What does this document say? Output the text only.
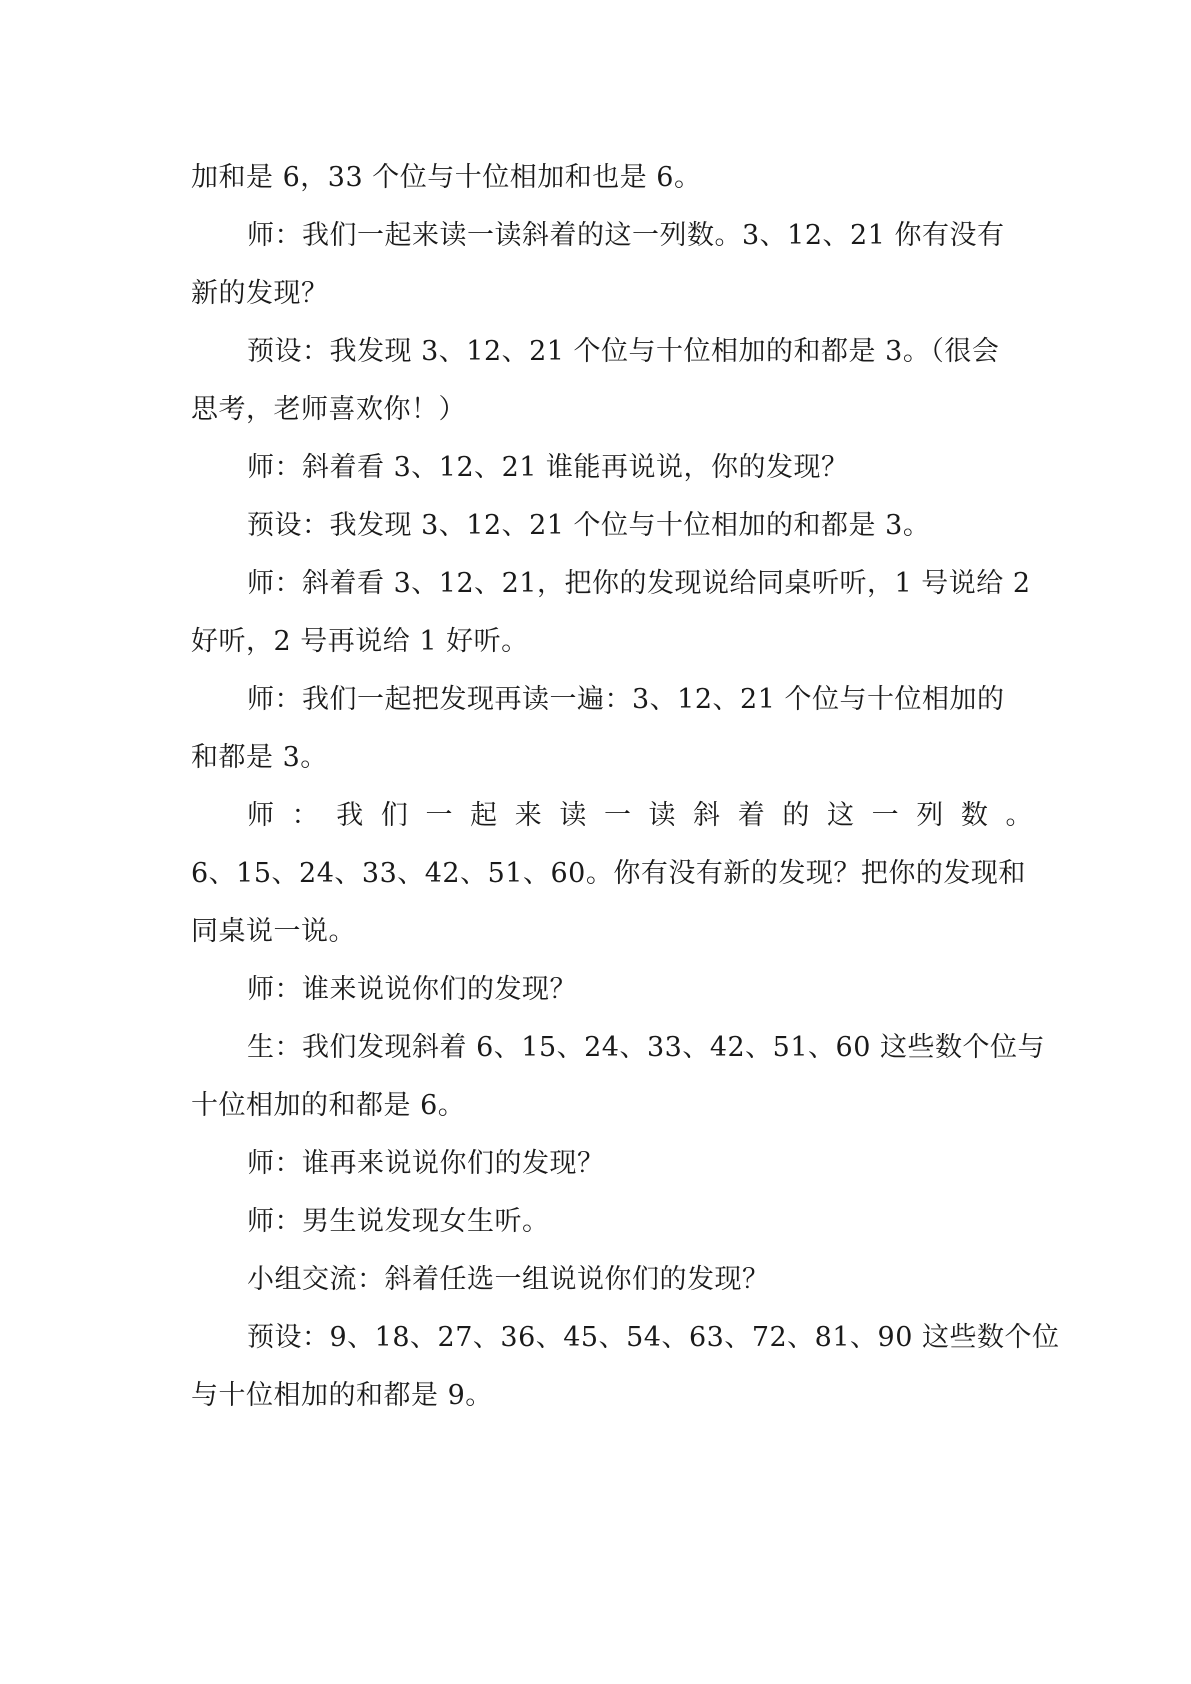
加和是 6，33 个位与十位相加和也是 6。
师：我们一起来读一读斜着的这一列数。3、12、21 你有没有
新的发现？
预设：我发现 3、12、21 个位与十位相加的和都是 3。（很会
思考，老师喜欢你！）
师：斜着看 3、12、21 谁能再说说，你的发现？
预设：我发现 3、12、21 个位与十位相加的和都是 3。
师：斜着看 3、12、21，把你的发现说给同桌听听，1 号说给 2
好听，2 号再说给 1 好听。
师：我们一起把发现再读一遍：3、12、21 个位与十位相加的
和都是 3。
师 ： 我 们 一 起 来 读 一 读 斜 着 的 这 一 列 数 。
6、15、24、33、42、51、60。你有没有新的发现？把你的发现和
同桌说一说。
师：谁来说说你们的发现？
生：我们发现斜着 6、15、24、33、42、51、60 这些数个位与
十位相加的和都是 6。
师：谁再来说说你们的发现？
师：男生说发现女生听。
小组交流：斜着任选一组说说你们的发现？
预设：9、18、27、36、45、54、63、72、81、90 这些数个位
与十位相加的和都是 9。
